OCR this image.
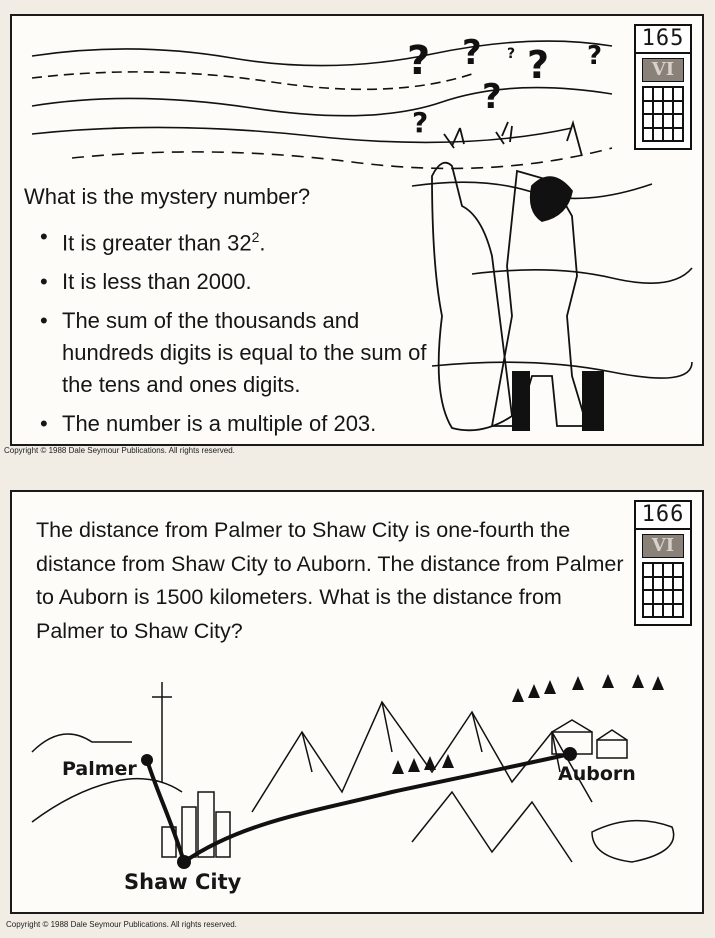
? ? ? ? ?
?
?
165
VI
What is the mystery number?
• It is greater than $32^2$.
• It is less than 2000.
• The sum of the thousands and hundreds digits is equal to the sum of the tens and ones digits.
• The number is a multiple of 203.
Copyright © 1988 Dale Seymour Publications. All rights reserved.
166
VI
The distance from Palmer to Shaw City is one-fourth the distance from Shaw City to Auborn. The distance from Palmer to Auborn is 1500 kilometers. What is the distance from Palmer to Shaw City?
Palmer
Shaw City
Auborn
Copyright © 1988 Dale Seymour Publications. All rights reserved.
